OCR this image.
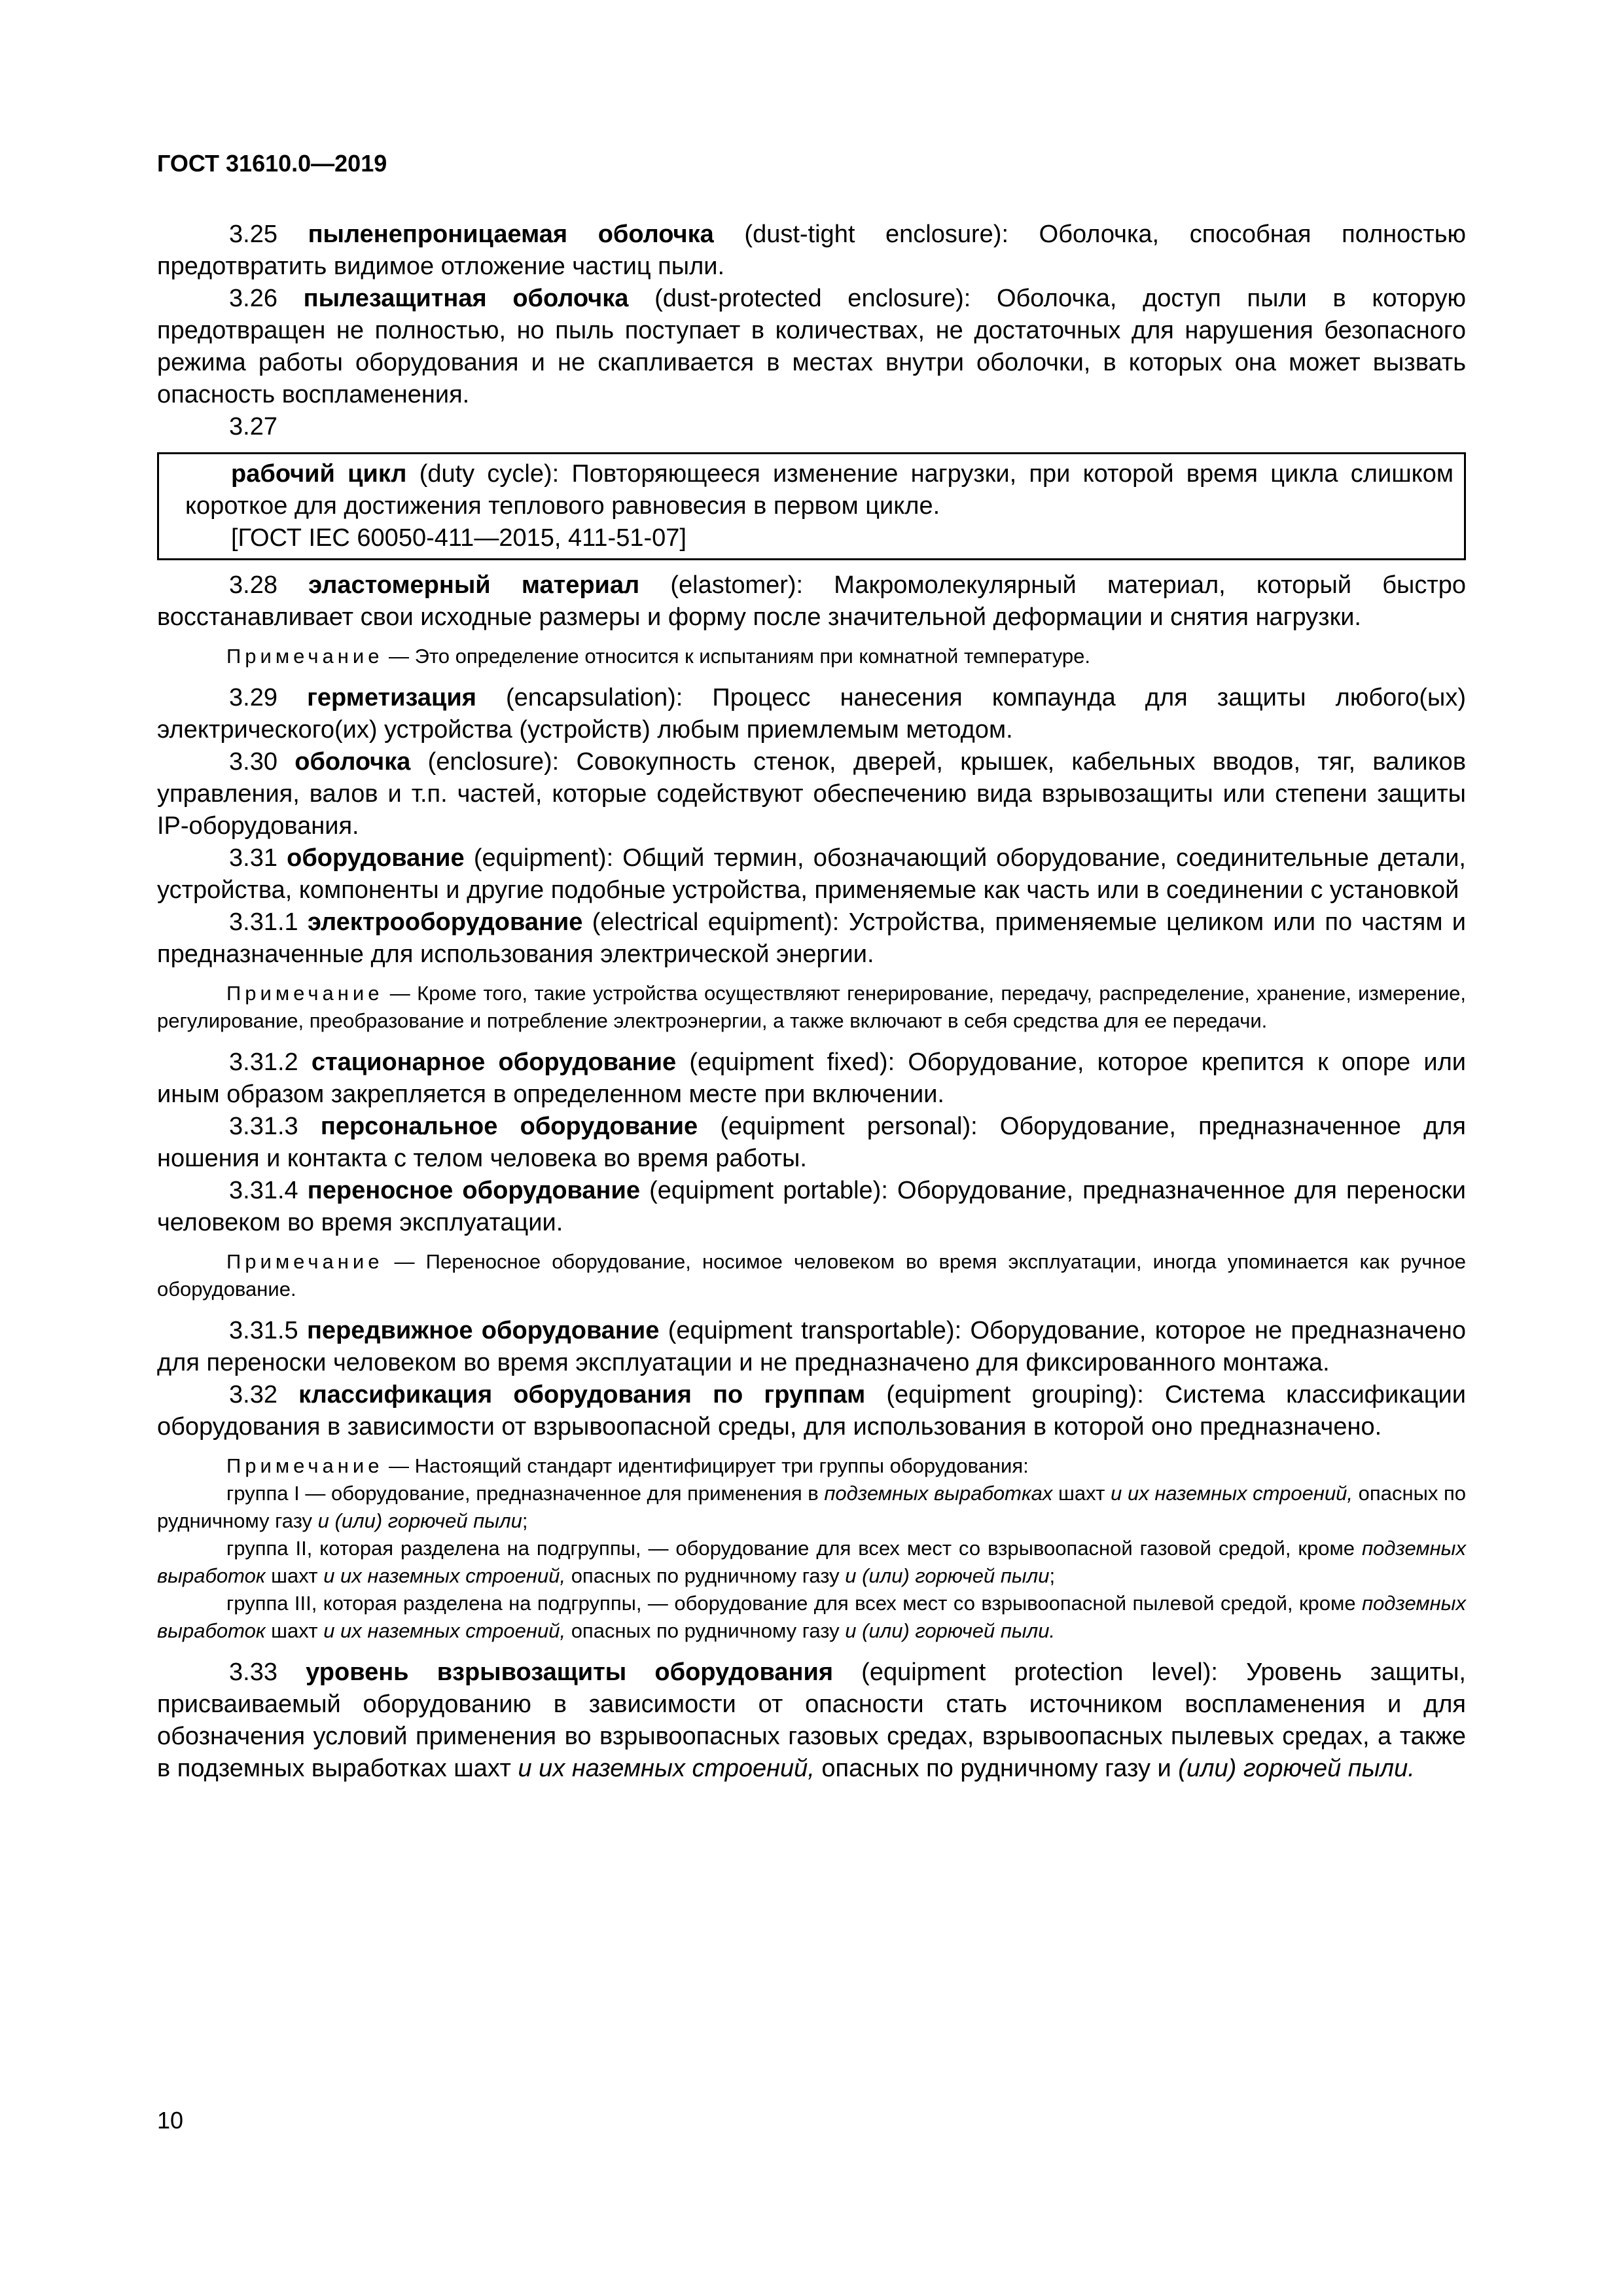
ГОСТ 31610.0—2019

3.25 пыленепроницаемая оболочка (dust-tight enclosure): Оболочка, способная полностью предотвратить видимое отложение частиц пыли.

3.26 пылезащитная оболочка (dust-protected enclosure): Оболочка, доступ пыли в которую предотвращен не полностью, но пыль поступает в количествах, не достаточных для нарушения безопасного режима работы оборудования и не скапливается в местах внутри оболочки, в которых она может вызвать опасность воспламенения.

3.27

рабочий цикл (duty cycle): Повторяющееся изменение нагрузки, при которой время цикла слишком короткое для достижения теплового равновесия в первом цикле.

[ГОСТ IEC 60050-411—2015, 411-51-07]

3.28 эластомерный материал (elastomer): Макромолекулярный материал, который быстро восстанавливает свои исходные размеры и форму после значительной деформации и снятия нагрузки.

Примечание — Это определение относится к испытаниям при комнатной температуре.

3.29 герметизация (encapsulation): Процесс нанесения компаунда для защиты любого(ых) электрического(их) устройства (устройств) любым приемлемым методом.

3.30 оболочка (enclosure): Совокупность стенок, дверей, крышек, кабельных вводов, тяг, валиков управления, валов и т.п. частей, которые содействуют обеспечению вида взрывозащиты или степени защиты IP-оборудования.

3.31 оборудование (equipment): Общий термин, обозначающий оборудование, соединительные детали, устройства, компоненты и другие подобные устройства, применяемые как часть или в соединении с установкой

3.31.1 электрооборудование (electrical equipment): Устройства, применяемые целиком или по частям и предназначенные для использования электрической энергии.

Примечание — Кроме того, такие устройства осуществляют генерирование, передачу, распределение, хранение, измерение, регулирование, преобразование и потребление электроэнергии, а также включают в себя средства для ее передачи.

3.31.2 стационарное оборудование (equipment fixed): Оборудование, которое крепится к опоре или иным образом закрепляется в определенном месте при включении.

3.31.3 персональное оборудование (equipment personal): Оборудование, предназначенное для ношения и контакта с телом человека во время работы.

3.31.4 переносное оборудование (equipment portable): Оборудование, предназначенное для переноски человеком во время эксплуатации.

Примечание — Переносное оборудование, носимое человеком во время эксплуатации, иногда упоминается как ручное оборудование.

3.31.5 передвижное оборудование (equipment transportable): Оборудование, которое не предназначено для переноски человеком во время эксплуатации и не предназначено для фиксированного монтажа.

3.32 классификация оборудования по группам (equipment grouping): Система классификации оборудования в зависимости от взрывоопасной среды, для использования в которой оно предназначено.

Примечание — Настоящий стандарт идентифицирует три группы оборудования:

группа I — оборудование, предназначенное для применения в подземных выработках шахт и их наземных строений, опасных по рудничному газу и (или) горючей пыли;

группа II, которая разделена на подгруппы, — оборудование для всех мест со взрывоопасной газовой средой, кроме подземных выработок шахт и их наземных строений, опасных по рудничному газу и (или) горючей пыли;

группа III, которая разделена на подгруппы, — оборудование для всех мест со взрывоопасной пылевой средой, кроме подземных выработок шахт и их наземных строений, опасных по рудничному газу и (или) горючей пыли.

3.33 уровень взрывозащиты оборудования (equipment protection level): Уровень защиты, присваиваемый оборудованию в зависимости от опасности стать источником воспламенения и для обозначения условий применения во взрывоопасных газовых средах, взрывоопасных пылевых средах, а также в подземных выработках шахт и их наземных строений, опасных по рудничному газу и (или) горючей пыли.

10
